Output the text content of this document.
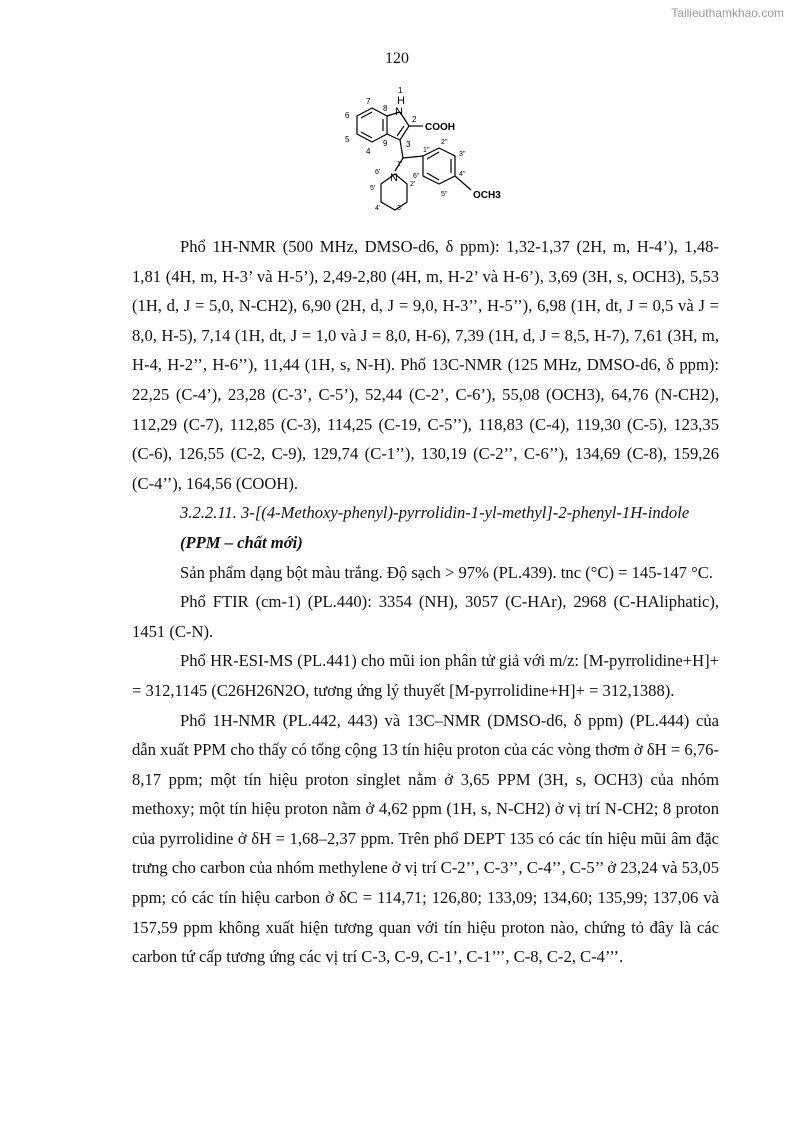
Tailieuthamkhao.com
120
1
H
N
2
COOH
3
4
5
6
7
8
9
1'
N
6'
2'
5'
3'
4'
1''
2''
3''
4''
5''
6''
OCH3

Phổ 1H-NMR (500 MHz, DMSO-d6, δ ppm): 1,32-1,37 (2H, m, H-4’), 1,48-1,81 (4H, m, H-3’ và H-5’), 2,49-2,80 (4H, m, H-2’ và H-6’), 3,69 (3H, s, OCH3), 5,53 (1H, d, J = 5,0, N-CH2), 6,90 (2H, d, J = 9,0, H-3’’, H-5’’), 6,98 (1H, dt, J = 0,5 và J = 8,0, H-5), 7,14 (1H, dt, J = 1,0 và J = 8,0, H-6), 7,39 (1H, d, J = 8,5, H-7), 7,61 (3H, m, H-4, H-2’’, H-6’’), 11,44 (1H, s, N-H). Phổ 13C-NMR (125 MHz, DMSO-d6, δ ppm): 22,25 (C-4’), 23,28 (C-3’, C-5’), 52,44 (C-2’, C-6’), 55,08 (OCH3), 64,76 (N-CH2), 112,29 (C-7), 112,85 (C-3), 114,25 (C-19, C-5’’), 118,83 (C-4), 119,30 (C-5), 123,35 (C-6), 126,55 (C-2, C-9), 129,74 (C-1’’), 130,19 (C-2’’, C-6’’), 134,69 (C-8), 159,26 (C-4’’), 164,56 (COOH).

3.2.2.11. 3-[(4-Methoxy-phenyl)-pyrrolidin-1-yl-methyl]-2-phenyl-1H-indole

(PPM – chất mới)

Sản phẩm dạng bột màu trắng. Độ sạch > 97% (PL.439). tnc (°C) = 145-147 °C.

Phổ FTIR (cm-1) (PL.440): 3354 (NH), 3057 (C-HAr), 2968 (C-HAliphatic), 1451 (C-N).

Phổ HR-ESI-MS (PL.441) cho mũi ion phân tử giả với m/z: [M-pyrrolidine+H]+ = 312,1145 (C26H26N2O, tương ứng lý thuyết [M-pyrrolidine+H]+ = 312,1388).

Phổ 1H-NMR (PL.442, 443) và 13C–NMR (DMSO-d6, δ ppm) (PL.444) của dẫn xuất PPM cho thấy có tổng cộng 13 tín hiệu proton của các vòng thơm ở δH = 6,76-8,17 ppm; một tín hiệu proton singlet nằm ở 3,65 PPM (3H, s, OCH3) của nhóm methoxy; một tín hiệu proton nằm ở 4,62 ppm (1H, s, N-CH2) ở vị trí N-CH2; 8 proton của pyrrolidine ở δH = 1,68–2,37 ppm. Trên phổ DEPT 135 có các tín hiệu mũi âm đặc trưng cho carbon của nhóm methylene ở vị trí C-2’’, C-3’’, C-4’’, C-5’’ ở 23,24 và 53,05 ppm; có các tín hiệu carbon ở δC = 114,71; 126,80; 133,09; 134,60; 135,99; 137,06 và 157,59 ppm không xuất hiện tương quan với tín hiệu proton nào, chứng tỏ đây là các carbon tứ cấp tương ứng các vị trí C-3, C-9, C-1’, C-1’’’, C-8, C-2, C-4’’’.
